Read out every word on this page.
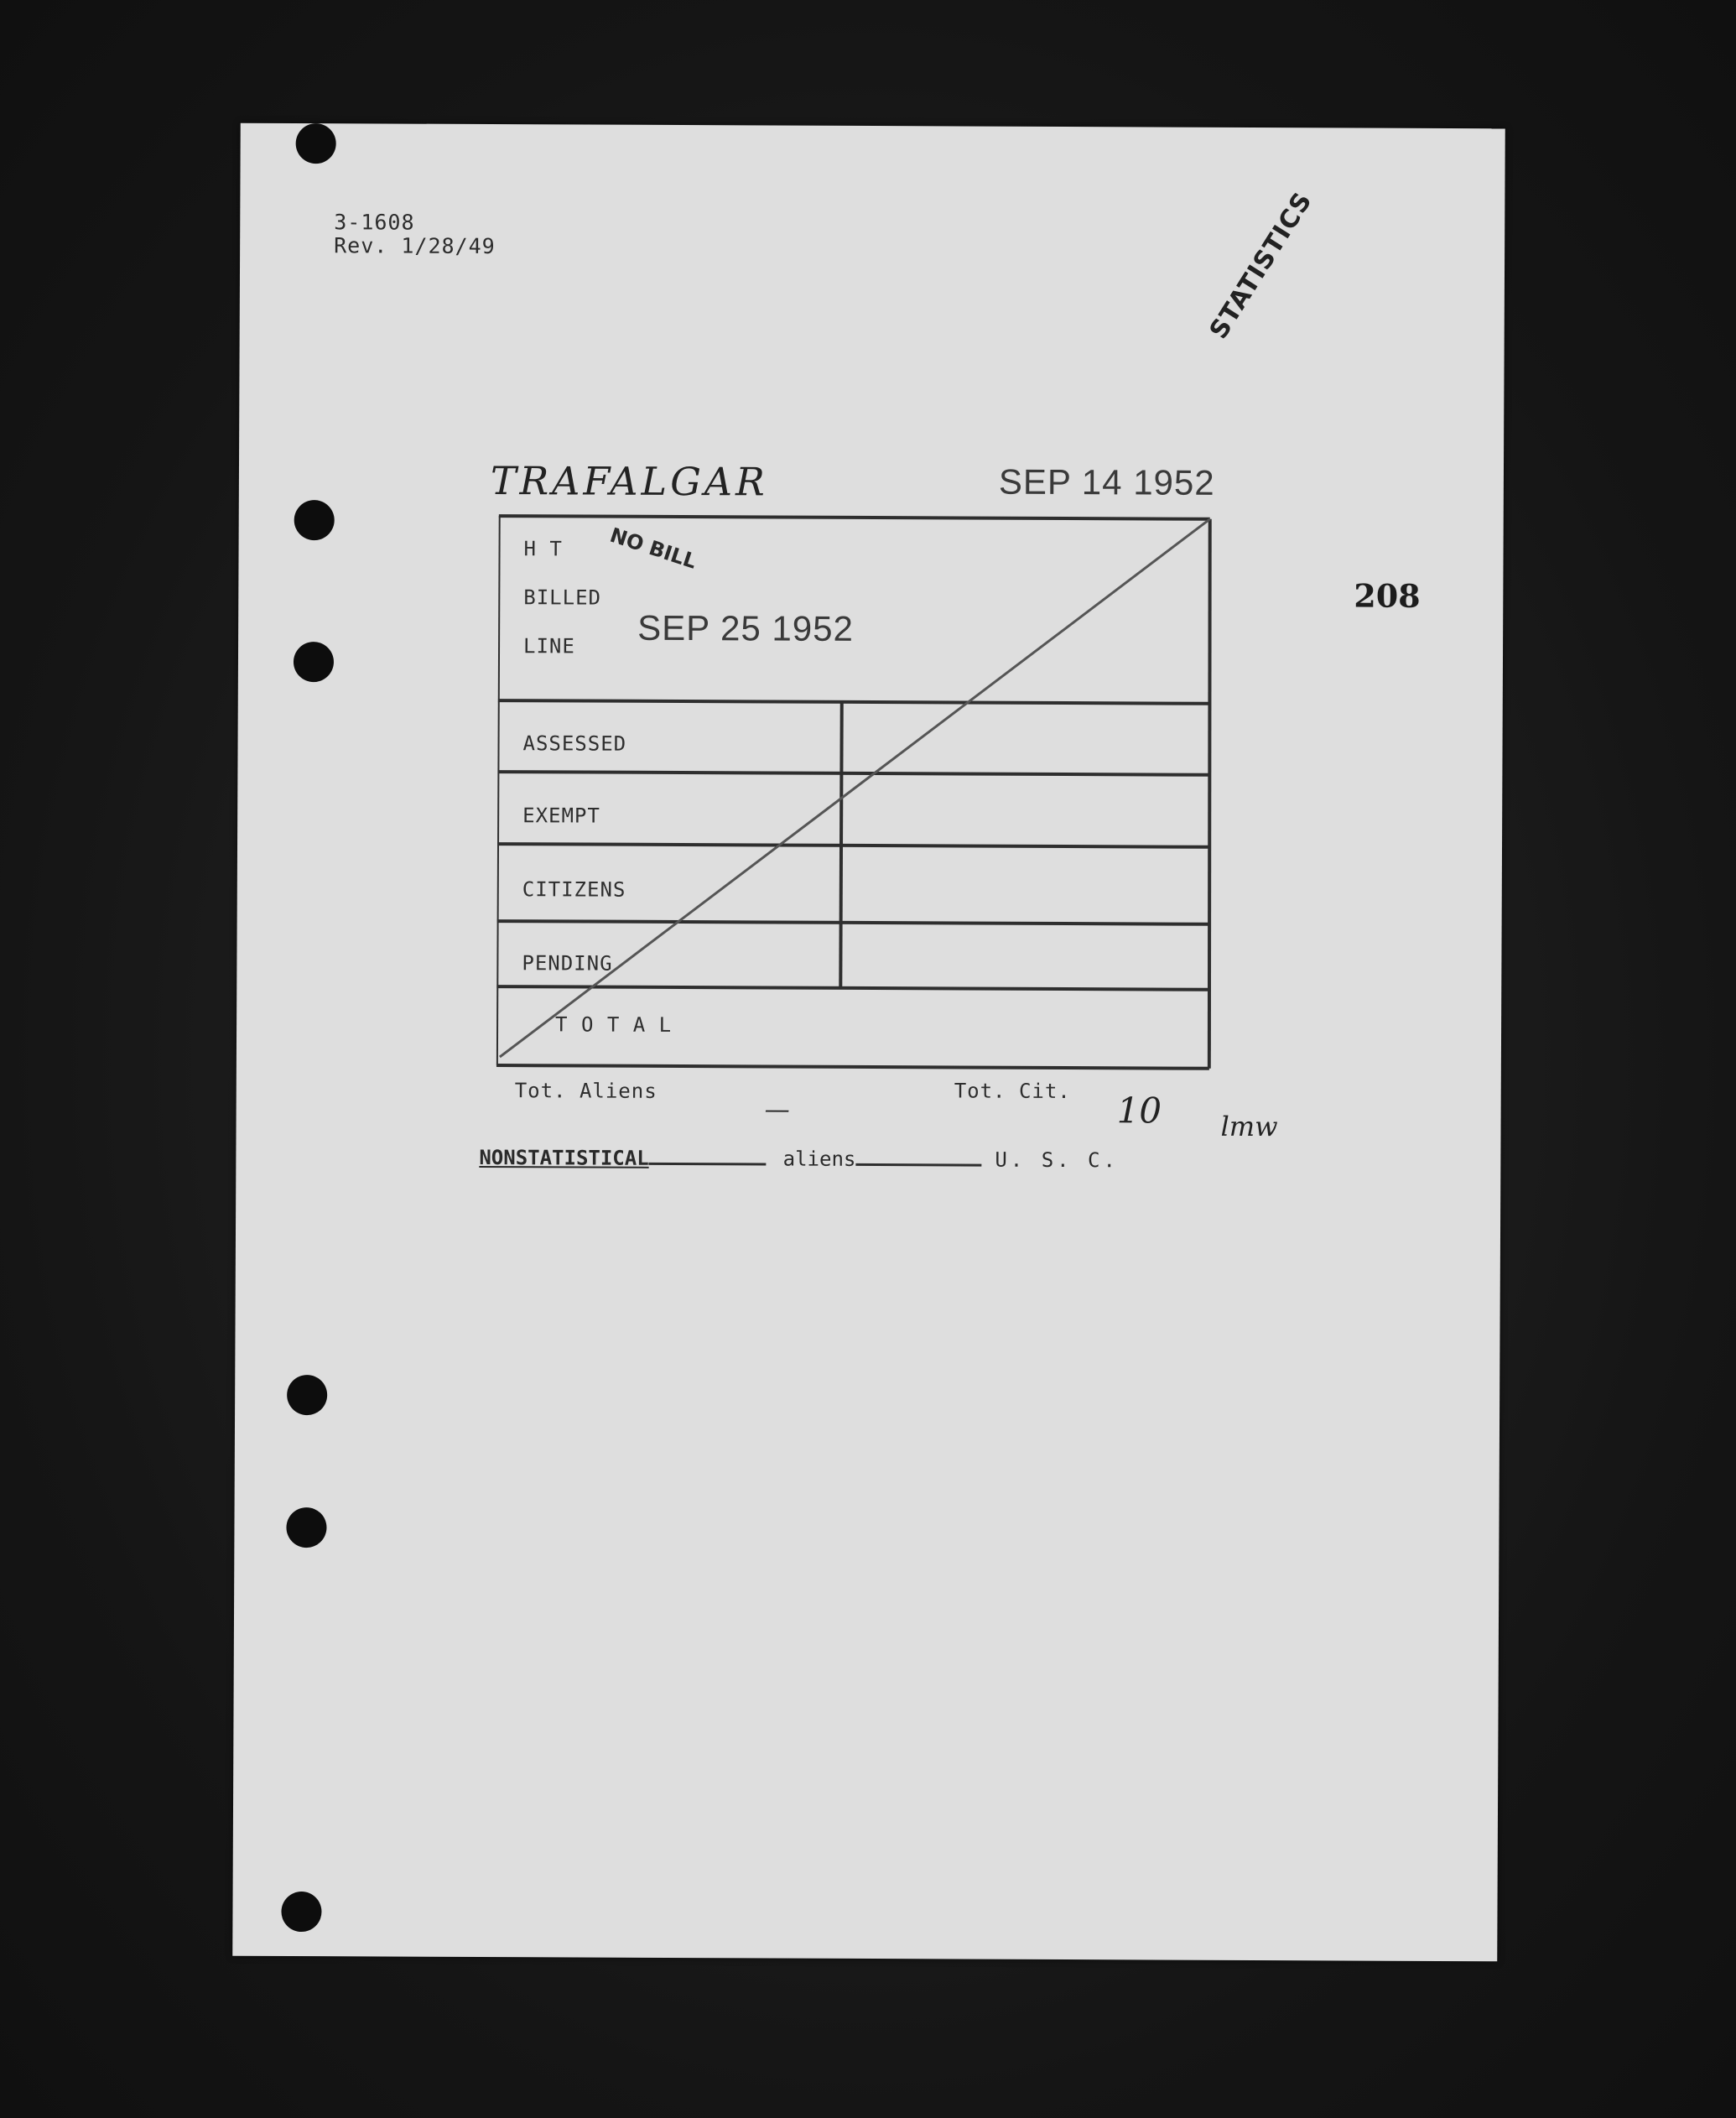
3-1608
Rev. 1/28/49	STATISTICS
TRAFALGAR	SEP 14 1952
208
H T
BILLED
LINE
ASSESSED
EXEMPT
CITIZENS
PENDING
T O T A L
Tot. Aliens	Tot. Cit.
NO BILL
SEP 25 1952
—	10 lmw
NONSTATISTICAL	aliens	U. S. C.
